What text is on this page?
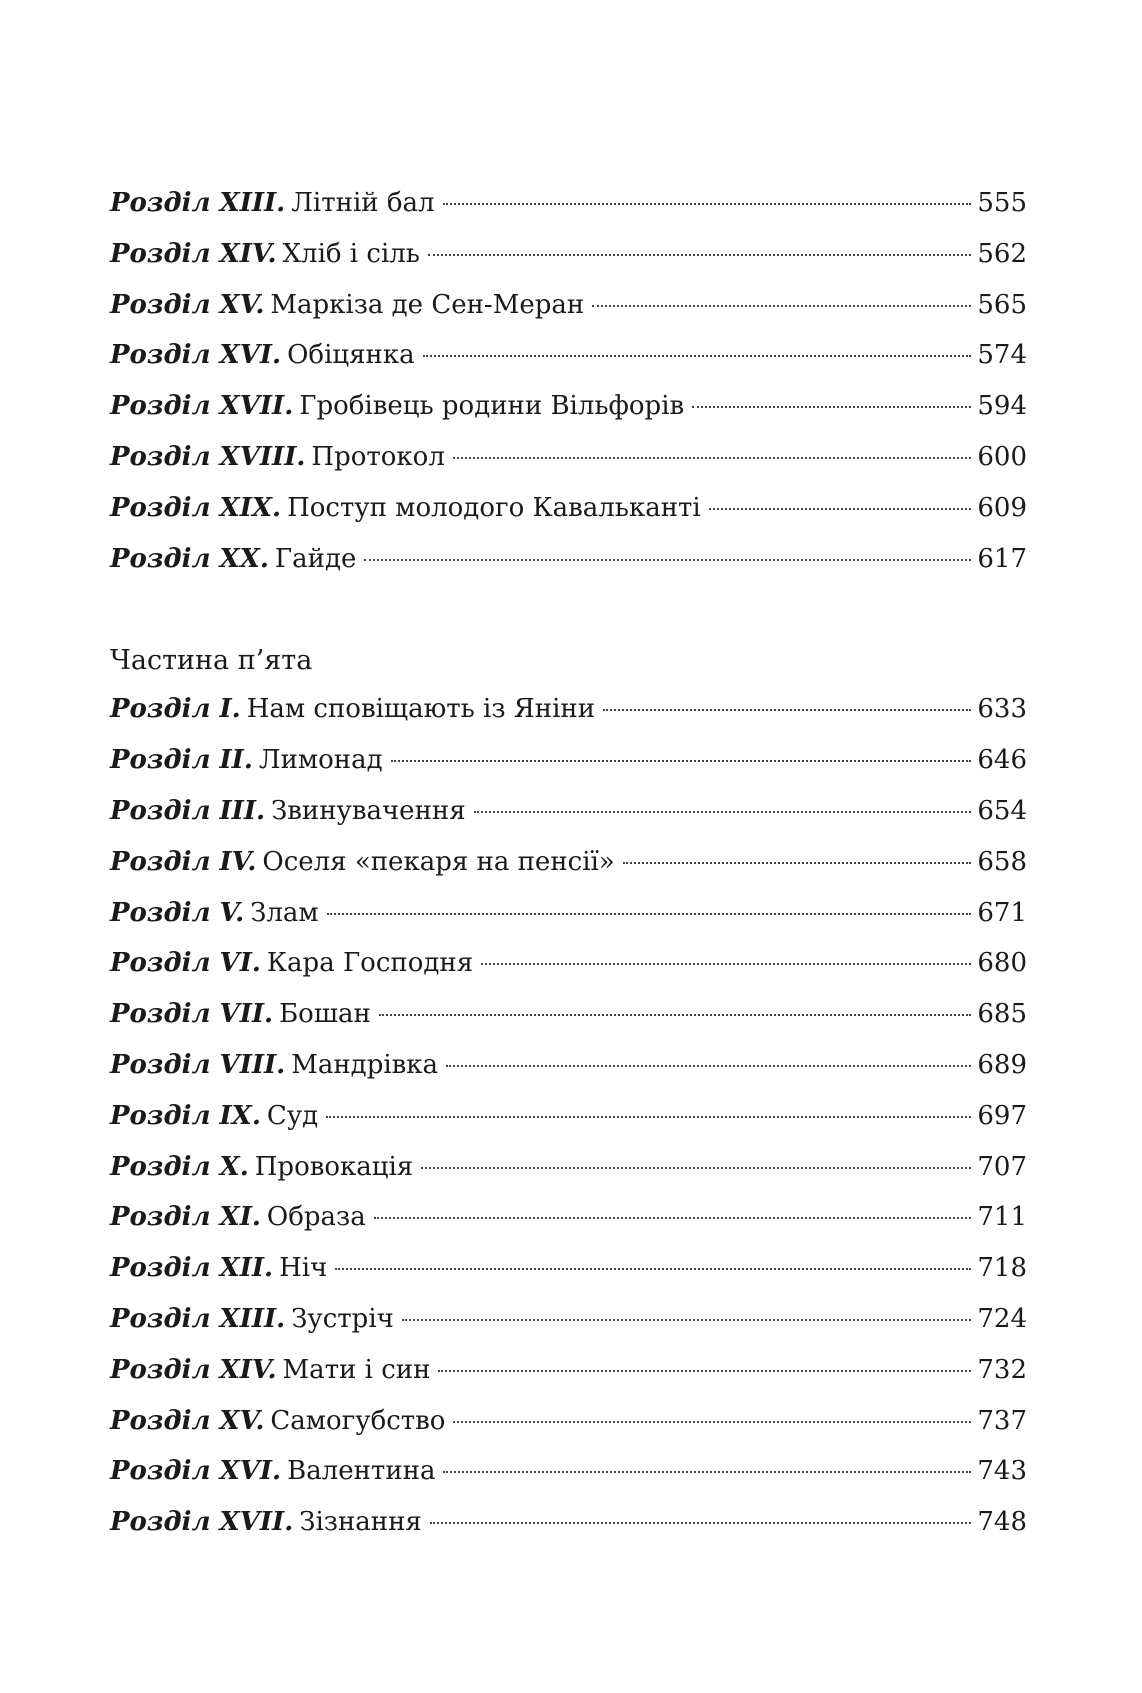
Розділ XIII. Літній бал	555
Розділ XIV. Хліб і сіль	562
Розділ XV. Маркіза де Сен-Меран	565
Розділ XVI. Обіцянка	574
Розділ XVII. Гробівець родини Вільфорів	594
Розділ XVIII. Протокол	600
Розділ XIX. Поступ молодого Кавальканті	609
Розділ XX. Гайде	617
Частина п’ята
Розділ I. Нам сповіщають із Яніни	633
Розділ II. Лимонад	646
Розділ III. Звинувачення	654
Розділ IV. Оселя «пекаря на пенсії»	658
Розділ V. Злам	671
Розділ VI. Кара Господня	680
Розділ VII. Бошан	685
Розділ VIII. Мандрівка	689
Розділ IX. Суд	697
Розділ X. Провокація	707
Розділ XI. Образа	711
Розділ XII. Ніч	718
Розділ XIII. Зустріч	724
Розділ XIV. Мати і син	732
Розділ XV. Самогубство	737
Розділ XVI. Валентина	743
Розділ XVII. Зізнання	748
